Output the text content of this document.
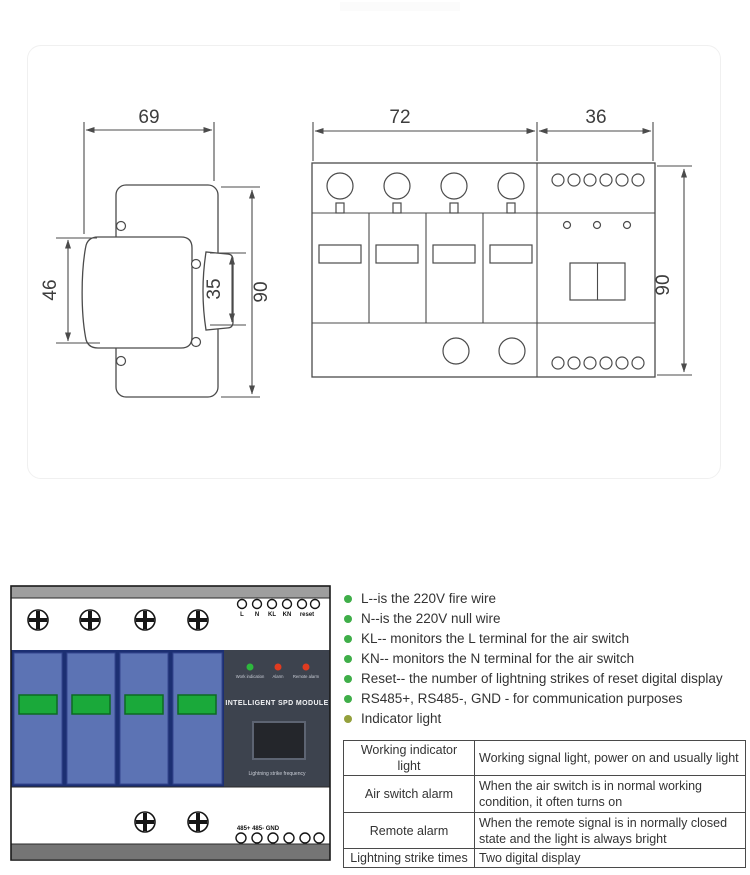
69
46	35 90
72	36
90
L N KL KN reset
Work indication Alarm Remote alarm
INTELLIGENT SPD MODULE
Lightning strike frequency
485+ 485- GND
L--is the 220V fire wire
N--is the 220V null wire
KL-- monitors the L terminal for the air switch
KN-- monitors the N terminal for the air switch
Reset-- the number of lightning strikes of reset digital display
RS485+, RS485-, GND - for communication purposes
Indicator light
Working indicator light	Working signal light, power on and usually light
Air switch alarm	When the air switch is in normal working condition, it often turns on
Remote alarm	When the remote signal is in normally closed state and the light is always bright
Lightning strike times	Two digital display
